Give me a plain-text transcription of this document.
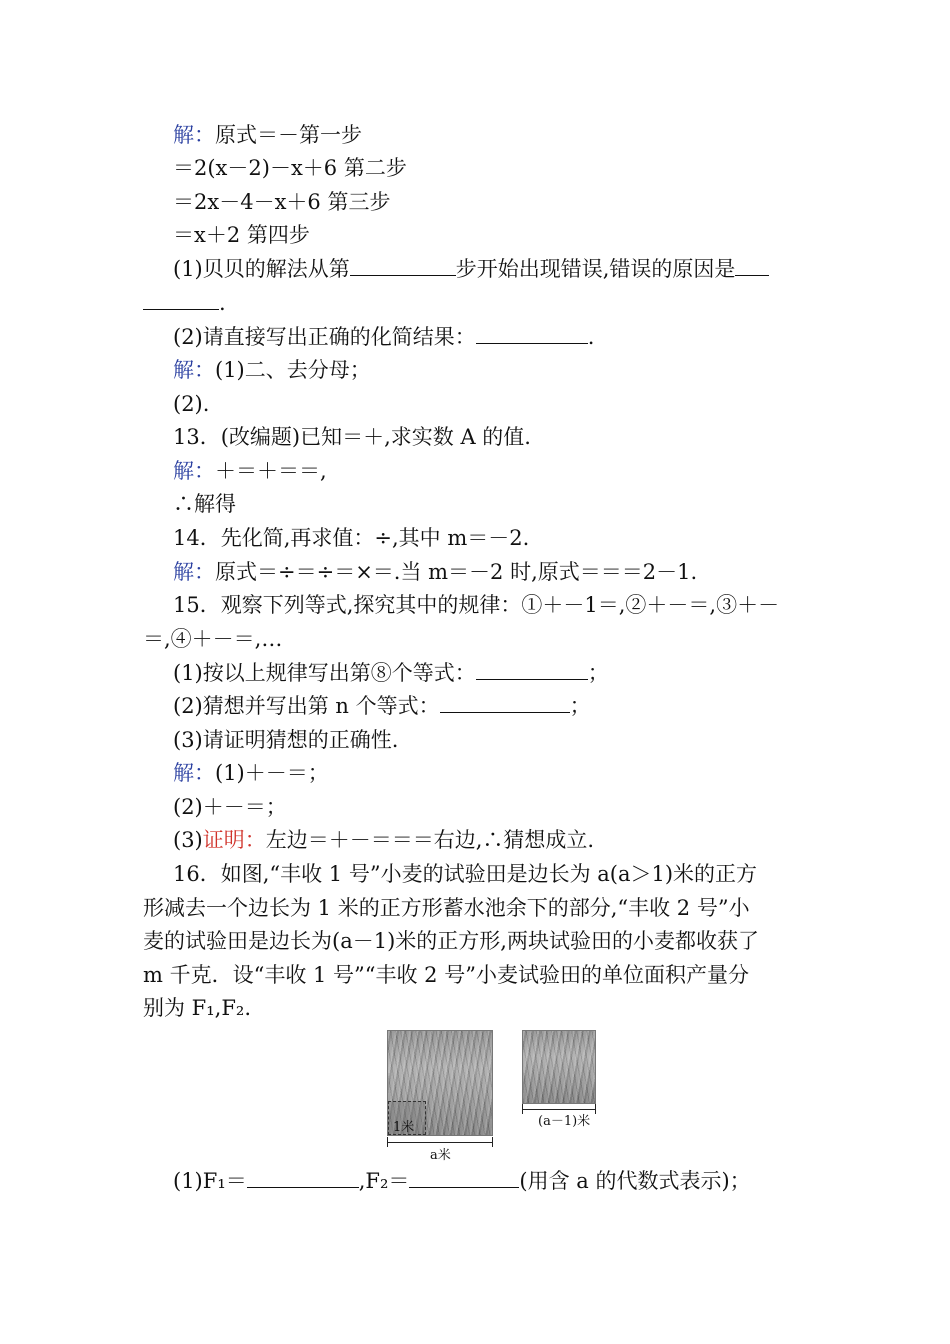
解：原式＝－第一步
＝2(x－2)－x＋6 第二步
＝2x－4－x＋6 第三步
＝x＋2 第四步
(1)贝贝的解法从第	步开始出现错误,错误的原因是
.
(2)请直接写出正确的化简结果：	.
解：(1)二、去分母；
(2).
13．(改编题)已知＝＋,求实数 A 的值.
解：＋＝＋＝＝,
∴解得
14．先化简,再求值：÷,其中 m＝－2.
解：原式＝÷＝÷＝×＝.当 m＝－2 时,原式＝＝＝2－1.
15．观察下列等式,探究其中的规律：①＋－1＝,②＋－＝,③＋－
＝,④＋－＝,…
(1)按以上规律写出第⑧个等式：	；
(2)猜想并写出第 n 个等式：	；
(3)请证明猜想的正确性.
解：(1)＋－＝；
(2)＋－＝；
(3)证明：左边＝＋－＝＝＝右边,∴猜想成立.
16．如图,“丰收 1 号”小麦的试验田是边长为 a(a＞1)米的正方
形减去一个边长为 1 米的正方形蓄水池余下的部分,“丰收 2 号”小
麦的试验田是边长为(a－1)米的正方形,两块试验田的小麦都收获了
m 千克．设“丰收 1 号”“丰收 2 号”小麦试验田的单位面积产量分
别为 F₁,F₂.
1米
a米
(a－1)米
(1)F₁＝	,F₂＝	(用含 a 的代数式表示)；
